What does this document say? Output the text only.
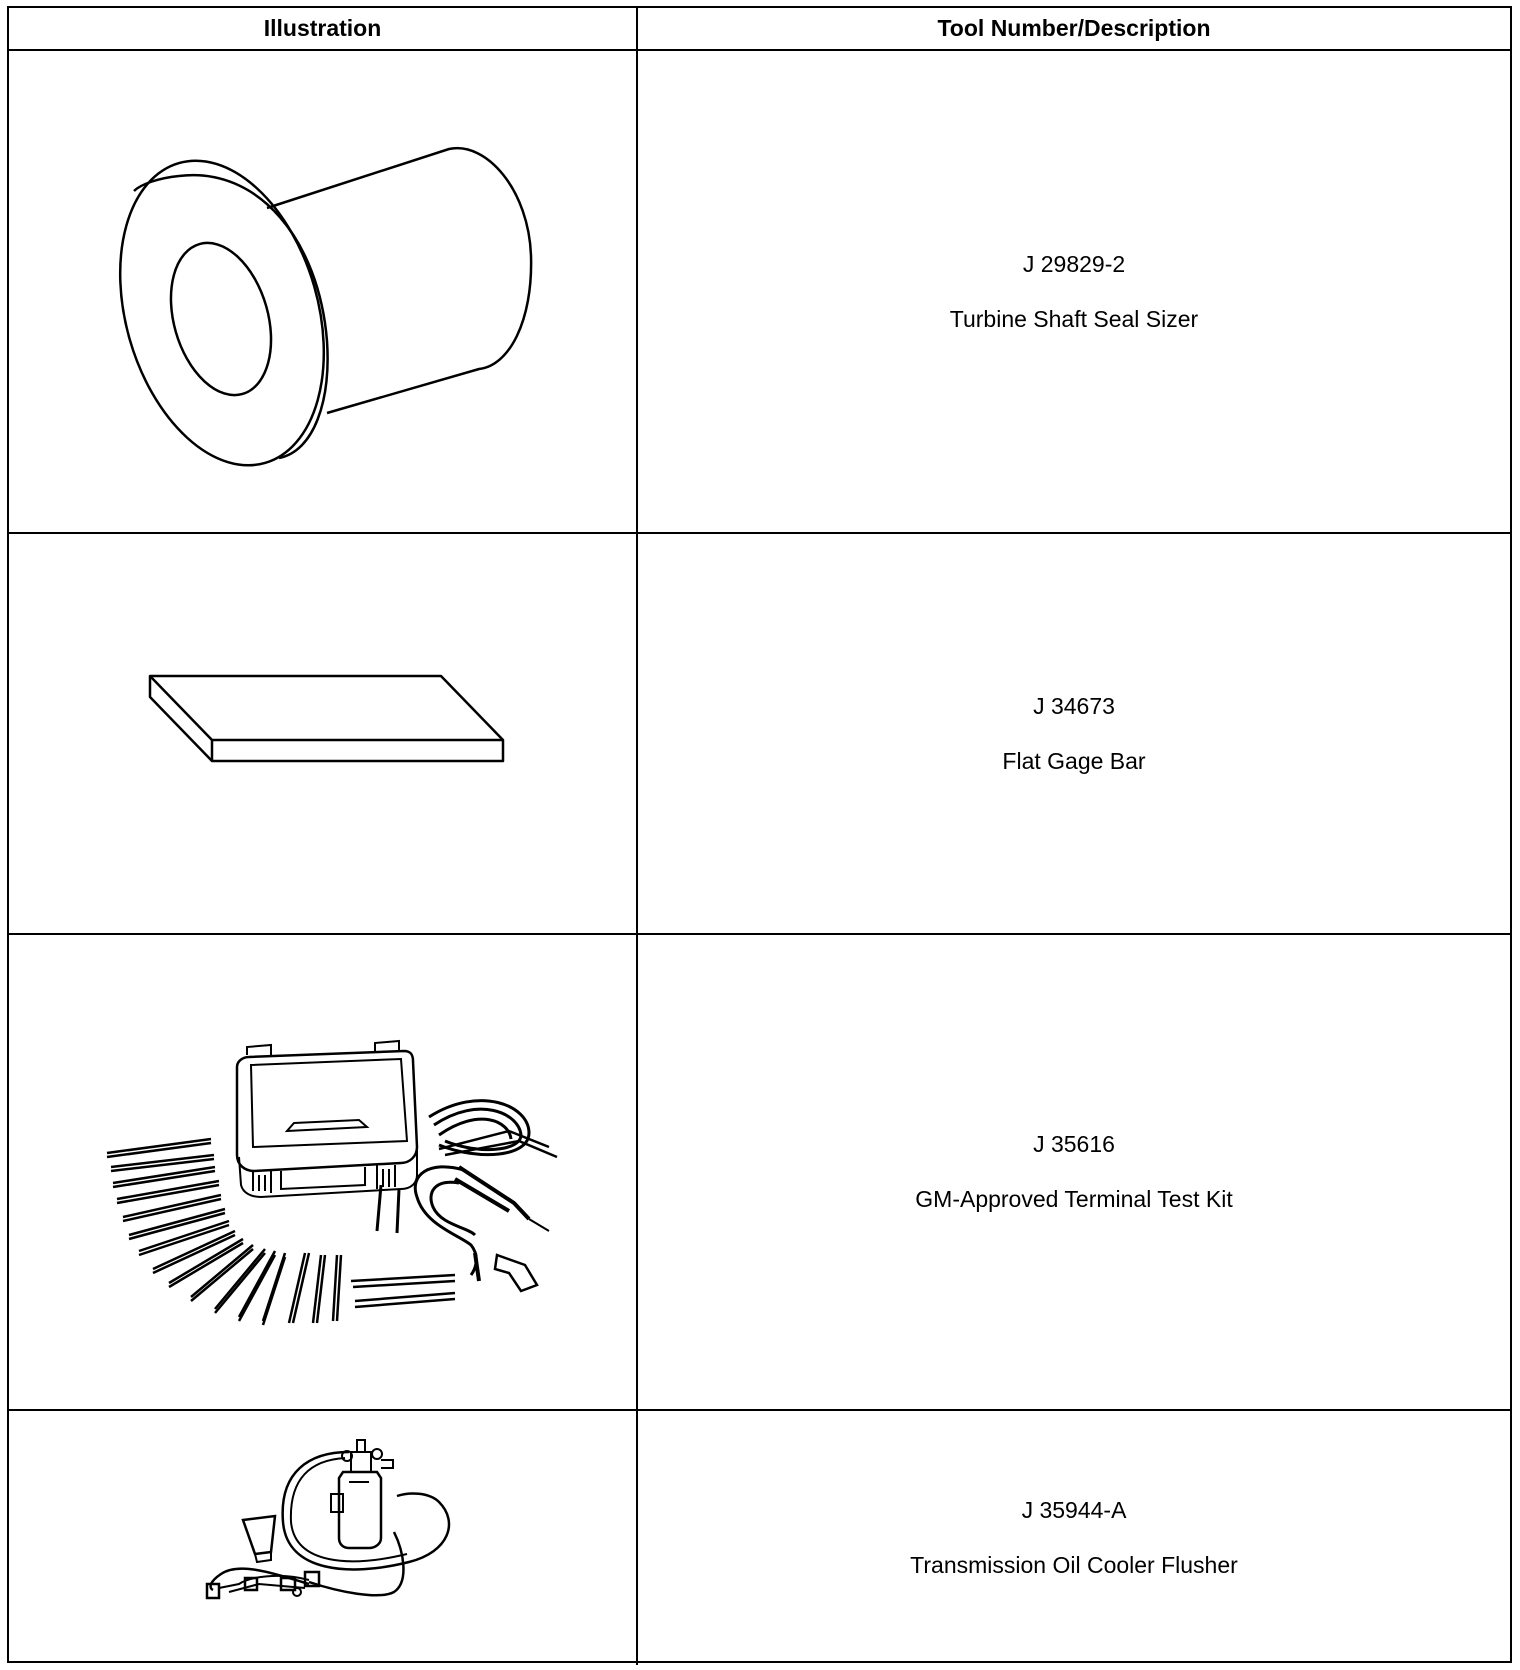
Illustration	Tool Number/Description
J 29829-2
Turbine Shaft Seal Sizer
J 34673
Flat Gage Bar
J 35616
GM-Approved Terminal Test Kit
J 35944-A
Transmission Oil Cooler Flusher
